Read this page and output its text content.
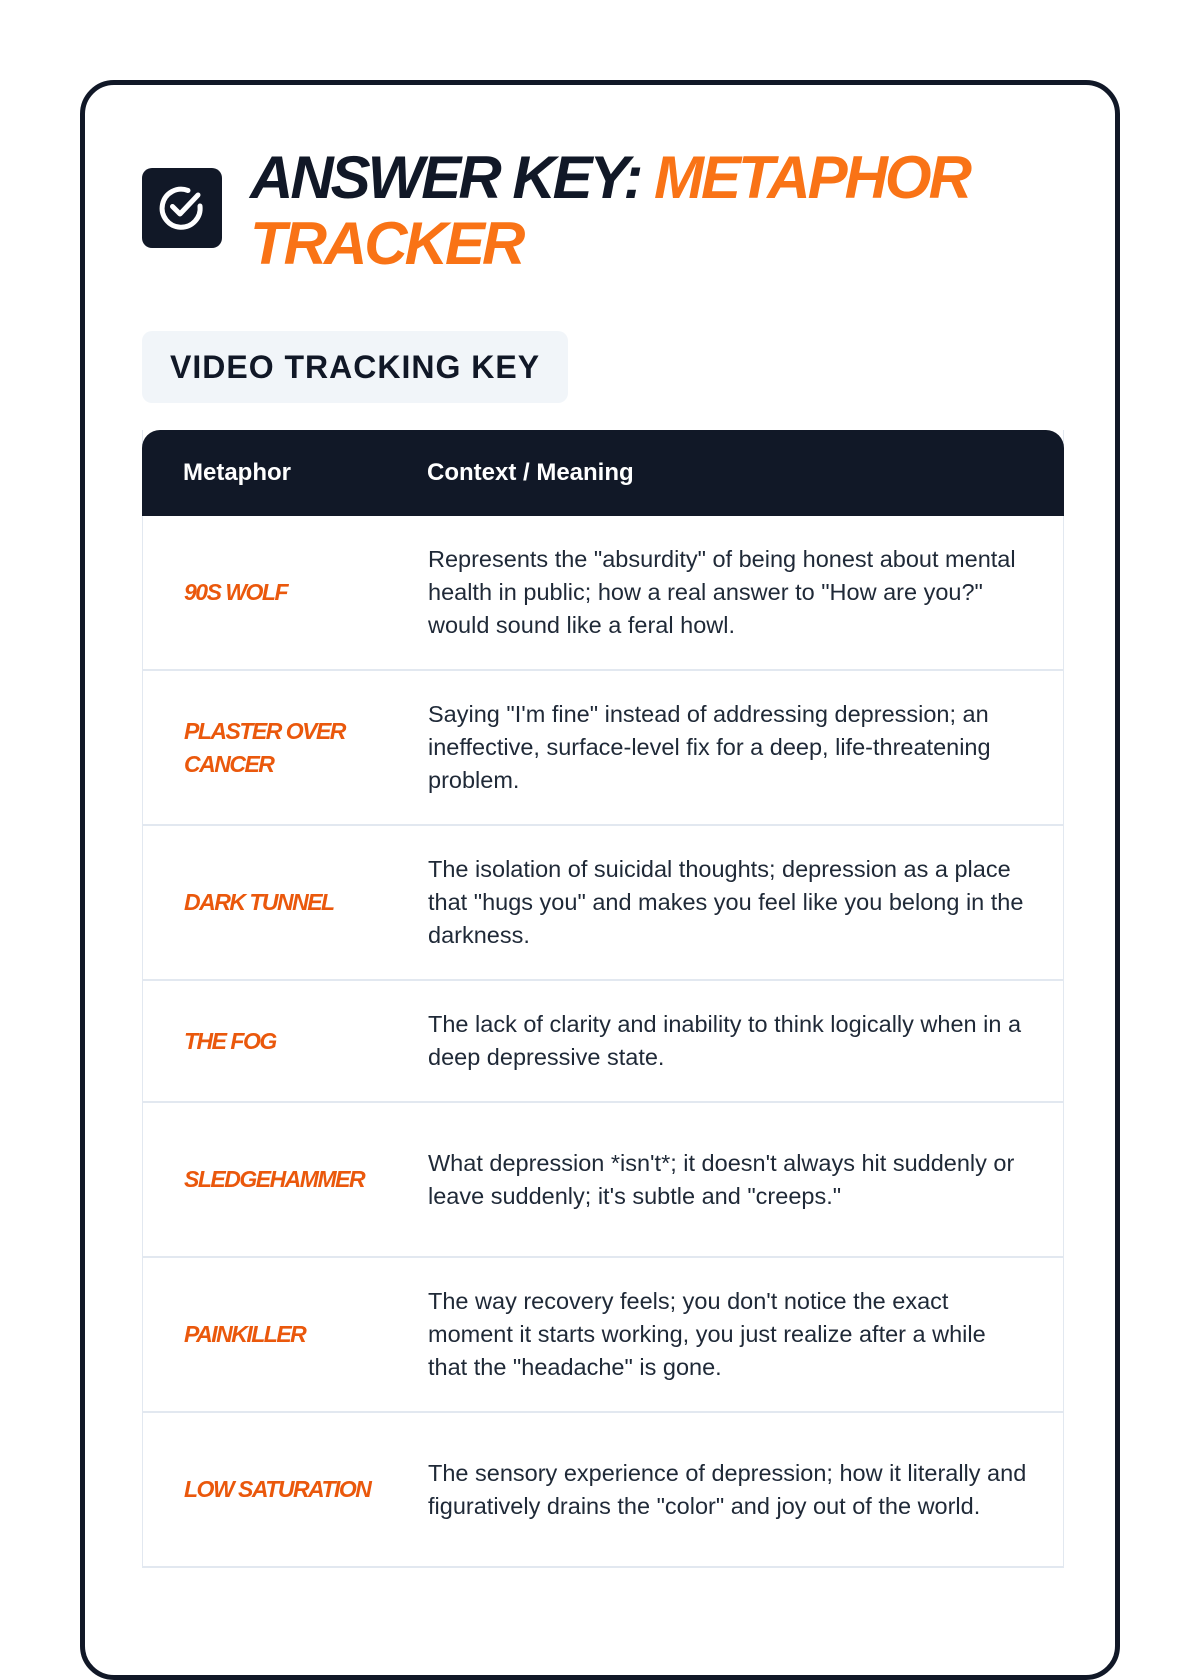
ANSWER KEY: METAPHOR TRACKER
VIDEO TRACKING KEY
Metaphor	Context / Meaning
90S WOLF
Represents the "absurdity" of being honest about mental health in public; how a real answer to "How are you?" would sound like a feral howl.
PLASTER OVER CANCER
Saying "I'm fine" instead of addressing depression; an ineffective, surface-level fix for a deep, life-threatening problem.
DARK TUNNEL
The isolation of suicidal thoughts; depression as a place that "hugs you" and makes you feel like you belong in the darkness.
THE FOG
The lack of clarity and inability to think logically when in a deep depressive state.
SLEDGEHAMMER
What depression *isn't*; it doesn't always hit suddenly or leave suddenly; it's subtle and "creeps."
PAINKILLER
The way recovery feels; you don't notice the exact moment it starts working, you just realize after a while that the "headache" is gone.
LOW SATURATION
The sensory experience of depression; how it literally and figuratively drains the "color" and joy out of the world.
